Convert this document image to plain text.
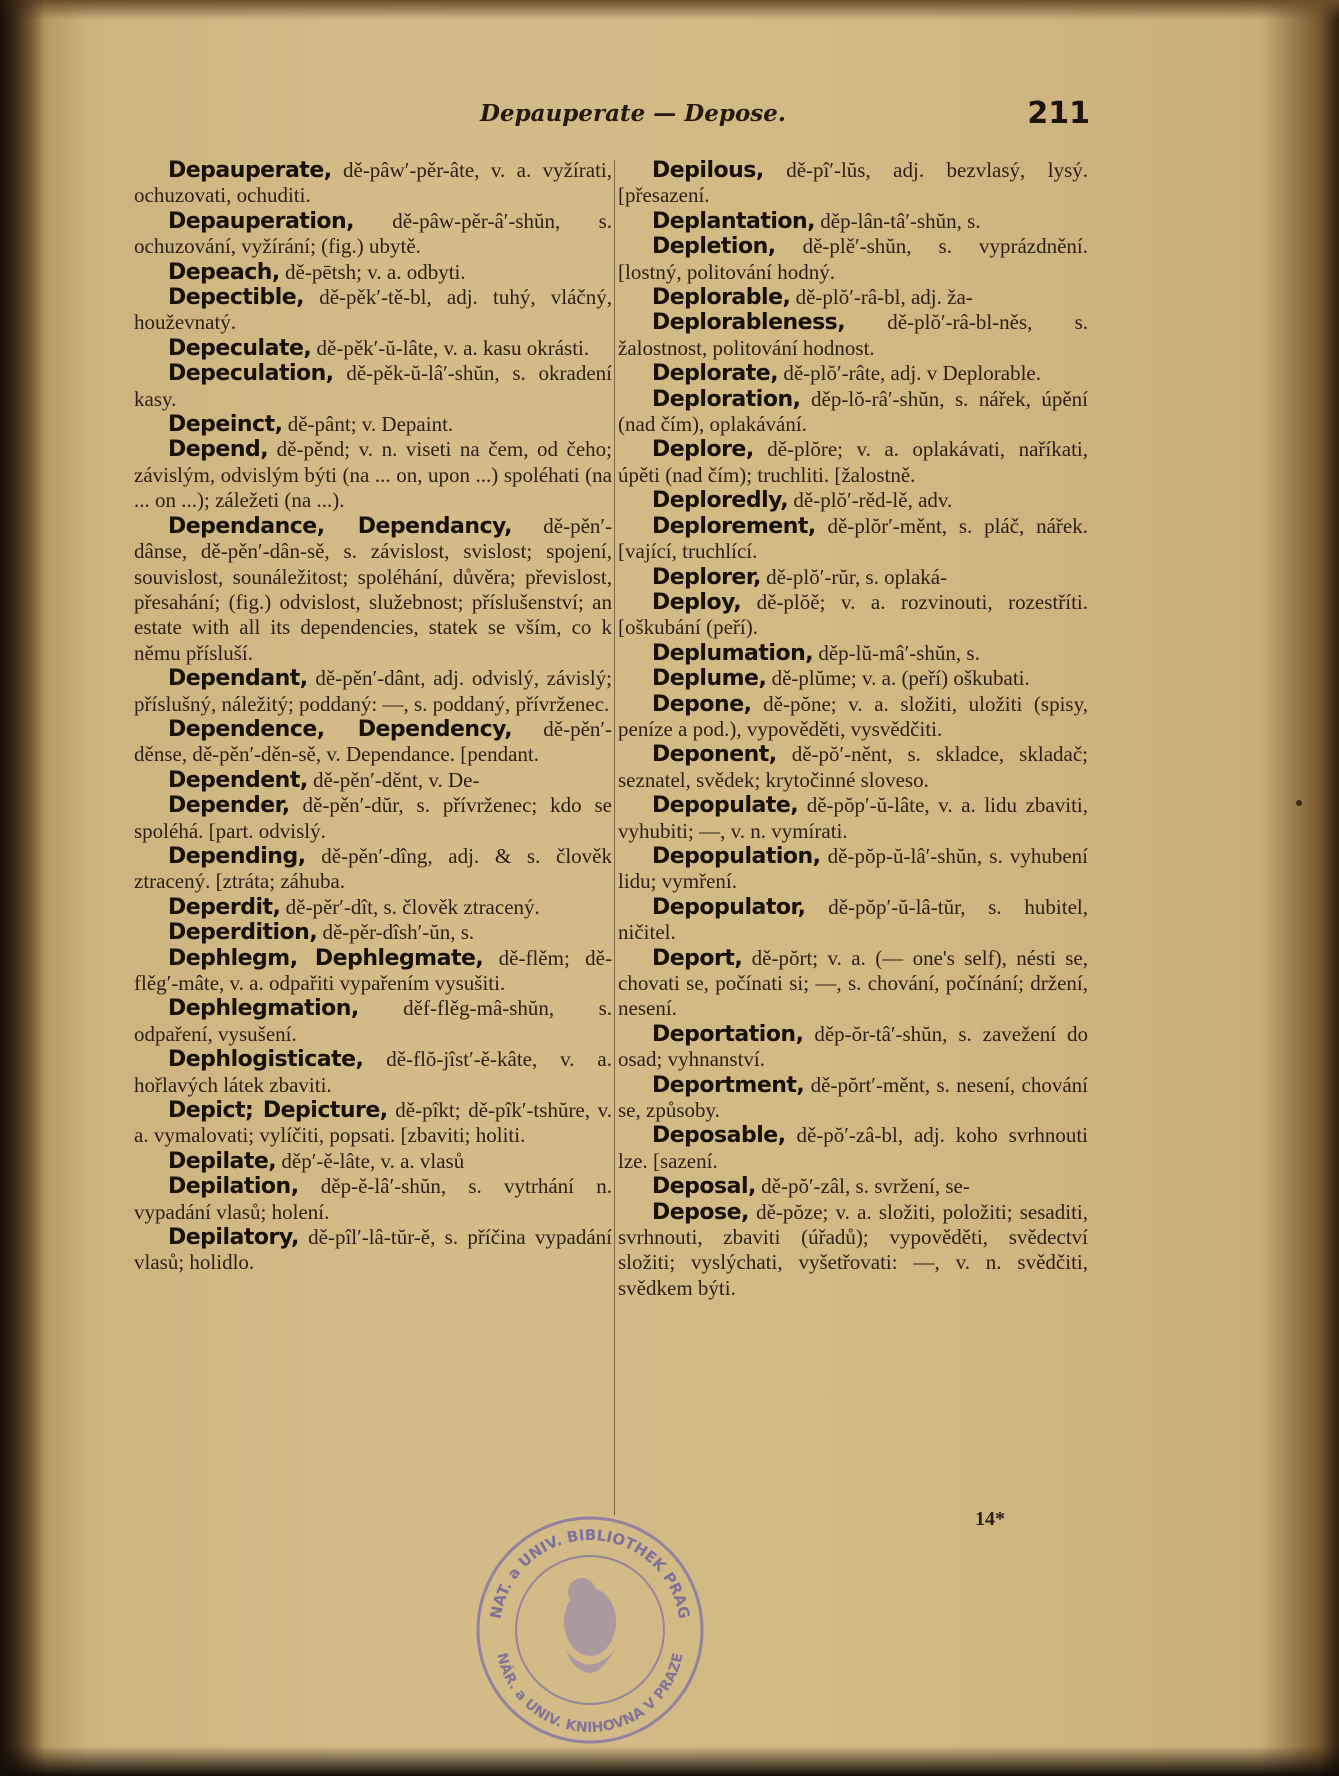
Depauperate — Depose.	211

Depauperate, dě-pâw′-pěr-âte, v. a. vyžírati, ochuzovati, ochuditi.

Depauperation, dě-pâw-pěr-â′-shŭn, s. ochuzování, vyžírání; (fig.) ubytě.

Depeach, dě-pētsh; v. a. odbyti.

Depectible, dě-pěk′-tě-bl, adj. tuhý, vláčný, houževnatý.

Depeculate, dě-pěk′-ŭ-lâte, v. a. kasu okrásti.

Depeculation, dě-pěk-ŭ-lâ′-shŭn, s. okradení kasy.

Depeinct, dě-pânt; v. Depaint.

Depend, dě-pěnd; v. n. viseti na čem, od čeho; závislým, odvislým býti (na ... on, upon ...) spoléhati (na ... on ...); záležeti (na ...).

Dependance, Dependancy, dě-pěn′-dânse, dě-pěn′-dân-sě, s. závislost, svislost; spojení, souvislost, sounáležitost; spoléhání, důvěra; převislost, přesahání; (fig.) odvislost, služebnost; příslušenství; an estate with all its dependencies, statek se vším, co k němu přísluší.

Dependant, dě-pěn′-dânt, adj. odvislý, závislý; příslušný, náležitý; poddaný: —, s. poddaný, přívrženec.

Dependence, Dependency, dě-pěn′-děnse, dě-pěn′-děn-sě, v. Dependance. [pendant.

Dependent, dě-pěn′-děnt, v. De-

Depender, dě-pěn′-dŭr, s. přívrženec; kdo se spoléhá. [part. odvislý.

Depending, dě-pěn′-dîng, adj. & s. člověk ztracený. [ztráta; záhuba.

Deperdit, dě-pěr′-dît, s. člověk ztracený.

Deperdition, dě-pěr-dîsh′-ŭn, s.

Dephlegm, Dephlegmate, dě-flěm; dě-flěg′-mâte, v. a. odpařiti vypařením vysušiti.

Dephlegmation, děf-flěg-mâ-shŭn, s. odpaření, vysušení.

Dephlogisticate, dě-flŏ-jîst′-ě-kâte, v. a. hořlavých látek zbaviti.

Depict; Depicture, dě-pîkt; dě-pîk′-tshŭre, v. a. vymalovati; vylíčiti, popsati. [zbaviti; holiti.

Depilate, děp′-ě-lâte, v. a. vlasů

Depilation, děp-ě-lâ′-shŭn, s. vytrhání n. vypadání vlasů; holení.

Depilatory, dě-pîl′-lâ-tŭr-ě, s. příčina vypadání vlasů; holidlo.

Depilous, dě-pî′-lŭs, adj. bezvlasý, lysý. [přesazení.

Deplantation, děp-lân-tâ′-shŭn, s.

Depletion, dě-plě′-shŭn, s. vyprázdnění. [lostný, politování hodný.

Deplorable, dě-plŏ′-râ-bl, adj. ža-

Deplorableness, dě-plŏ′-râ-bl-něs, s. žalostnost, politování hodnost.

Deplorate, dě-plŏ′-râte, adj. v Deplorable.

Deploration, děp-lŏ-râ′-shŭn, s. nářek, úpění (nad čím), oplakávání.

Deplore, dě-plŏre; v. a. oplakávati, naříkati, úpěti (nad čím); truchliti. [žalostně.

Deploredly, dě-plŏ′-rěd-lě, adv.

Deplorement, dě-plŏr′-měnt, s. pláč, nářek. [vající, truchlící.

Deplorer, dě-plŏ′-rŭr, s. oplaká-

Deploy, dě-plŏě; v. a. rozvinouti, rozestříti. [oškubání (peří).

Deplumation, děp-lŭ-mâ′-shŭn, s.

Deplume, dě-plŭme; v. a. (peří) oškubati.

Depone, dě-pŏne; v. a. složiti, uložiti (spisy, peníze a pod.), vypověděti, vysvědčiti.

Deponent, dě-pŏ′-něnt, s. skladce, skladač; seznatel, svědek; krytočinné sloveso.

Depopulate, dě-pŏp′-ŭ-lâte, v. a. lidu zbaviti, vyhubiti; —, v. n. vymírati.

Depopulation, dě-pŏp-ŭ-lâ′-shŭn, s. vyhubení lidu; vymření.

Depopulator, dě-pŏp′-ŭ-lâ-tŭr, s. hubitel, ničitel.

Deport, dě-pŏrt; v. a. (— one's self), nésti se, chovati se, počínati si; —, s. chování, počínání; držení, nesení.

Deportation, děp-ŏr-tâ′-shŭn, s. zavežení do osad; vyhnanství.

Deportment, dě-pŏrt′-měnt, s. nesení, chování se, způsoby.

Deposable, dě-pŏ′-zâ-bl, adj. koho svrhnouti lze. [sazení.

Deposal, dě-pŏ′-zâl, s. svržení, se-

Depose, dě-pŏze; v. a. složiti, položiti; sesaditi, svrhnouti, zbaviti (úřadů); vypověděti, svědectví složiti; vyslýchati, vyšetřovati: —, v. n. svědčiti, svědkem býti.

14*
NAT. a UNIV. BIBLIOTHEK PRAG
NÁR. a UNIV. KNIHOVNA V PRAZE
